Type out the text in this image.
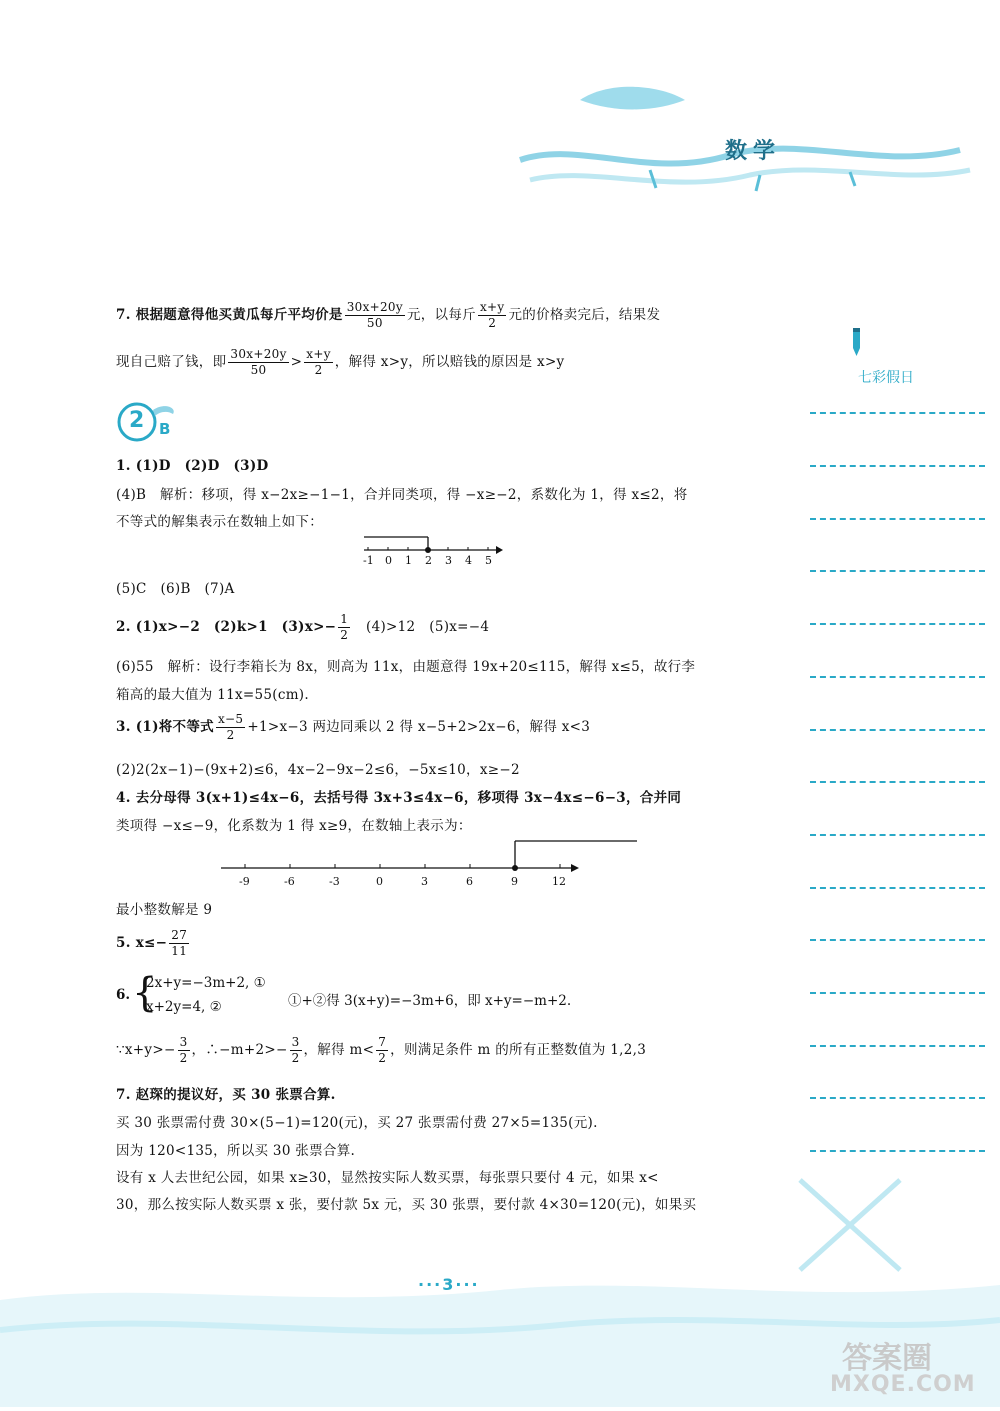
数学
七彩假日
7. 根据题意得他买黄瓜每斤平均价是 $\frac{30x+20y}{50}$ 元，以每斤 $\frac{x+y}{2}$ 元的价格卖完后，结果发
现自己赔了钱，即 $\frac{30x+20y}{50} > \frac{x+y}{2}$ ，解得 x>y，所以赔钱的原因是 x>y
2 B
1. (1)D　(2)D　(3)D
(4)B　解析：移项，得 x−2x≥−1−1，合并同类项，得 −x≥−2，系数化为 1，得 x≤2，将
不等式的解集表示在数轴上如下：
-1 0 1 2 3 4 5
(5)C　(6)B　(7)A
2. (1)x>−2　(2)k>1　$(3)x>- \frac{1}{2}$ 　(4)>12　(5)x=−4
(6)55　解析：设行李箱长为 8x，则高为 11x，由题意得 19x+20≤115，解得 x≤5，故行李
箱高的最大值为 11x=55(cm).
3. (1)将不等式 $\frac{x-5}{2} +1>x-3$ 两边同乘以 2 得 x−5+2>2x−6，解得 x<3
(2)2(2x−1)−(9x+2)≤6，4x−2−9x−2≤6，−5x≤10，x≥−2
4. 去分母得 3(x+1)≤4x−6，去括号得 3x+3≤4x−6，移项得 3x−4x≤−6−3，合并同
类项得 −x≤−9，化系数为 1 得 x≥9，在数轴上表示为：
-9	-6	-3	0	3	6	9	12
最小整数解是 9
5. $x\le- \frac{27}{11}$
6. {
2x+y=−3m+2, ①
x+2y=4, ②	①+②得 3(x+y)=−3m+6，即 x+y=−m+2.
∵x+y>− $\frac{3}{2}$ ，∴−m+2>− $\frac{3}{2}$ ，解得 $m< \frac{7}{2}$ ，则满足条件 m 的所有正整数值为 1,2,3
7. 赵琛的提议好，买 30 张票合算.
买 30 张票需付费 30×(5−1)=120(元)，买 27 张票需付费 27×5=135(元).
因为 120<135，所以买 30 张票合算.
设有 x 人去世纪公园，如果 x≥30，显然按实际人数买票，每张票只要付 4 元，如果 x<
30，那么按实际人数买票 x 张，要付款 5x 元，买 30 张票，要付款 4×30=120(元)，如果买
···3···
答案圈
MXQE.COM
